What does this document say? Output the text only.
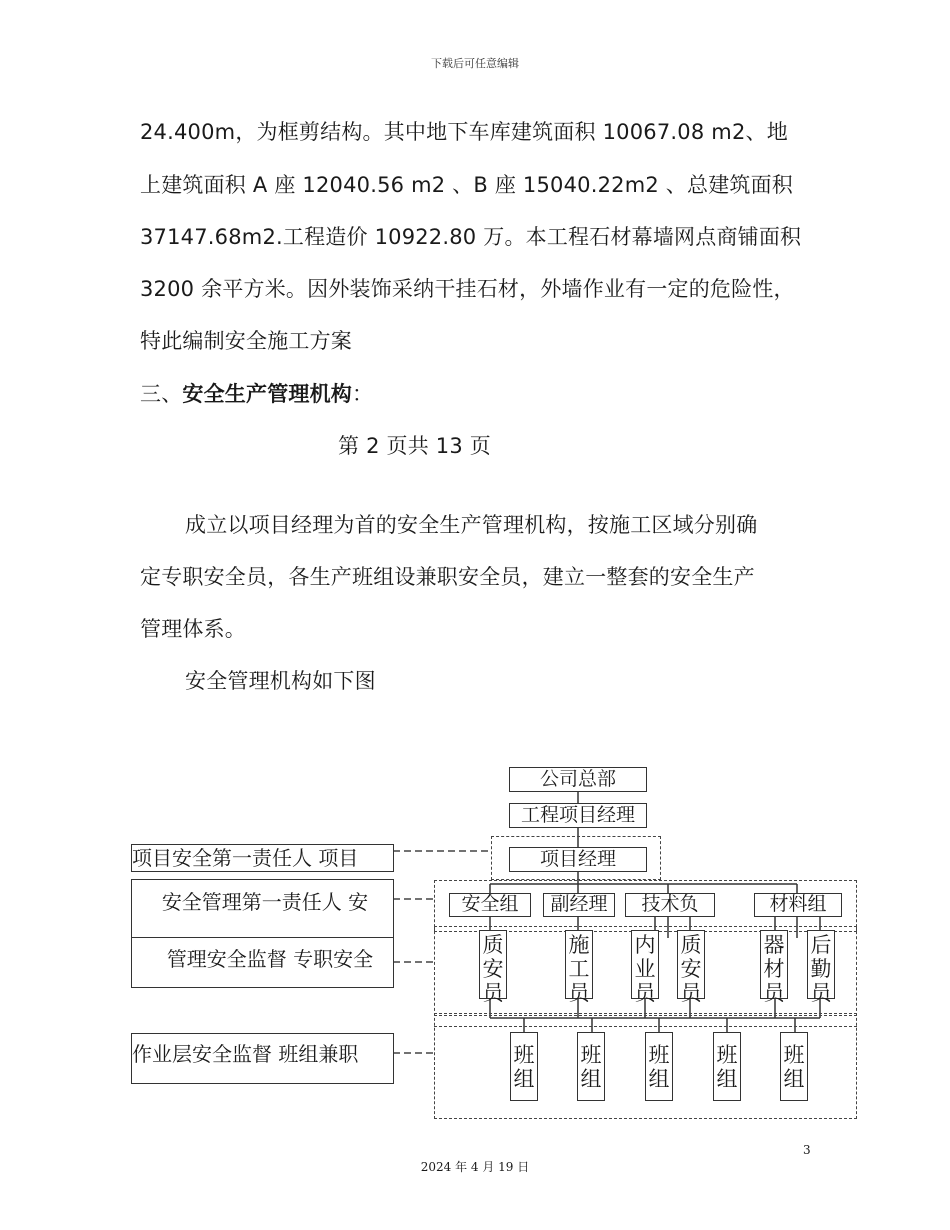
下载后可任意编辑
24.400m，为框剪结构。其中地下车库建筑面积 10067.08 m2、地
上建筑面积 A 座 12040.56 m2 、B 座 15040.22m2 、总建筑面积
37147.68m2.工程造价 10922.80 万。本工程石材幕墙网点商铺面积
3200 余平方米。因外装饰采纳干挂石材，外墙作业有一定的危险性，
特此编制安全施工方案
三、安全生产管理机构：
第 2 页共 13 页
成立以项目经理为首的安全生产管理机构，按施工区域分别确
定专职安全员，各生产班组设兼职安全员，建立一整套的安全生产
管理体系。
安全管理机构如下图
公司总部
工程项目经理
项目经理
安全组	副经理	技术负	材料组
质
安
员
施
工
员
内
业
员
质
安
员
器
材
员
后
勤
员
班
组
班
组
班
组
班
组
班
组
项目安全第一责任人 项目
安全管理第一责任人 安
管理安全监督 专职安全
作业层安全监督 班组兼职
3
2024 年 4 月 19 日
